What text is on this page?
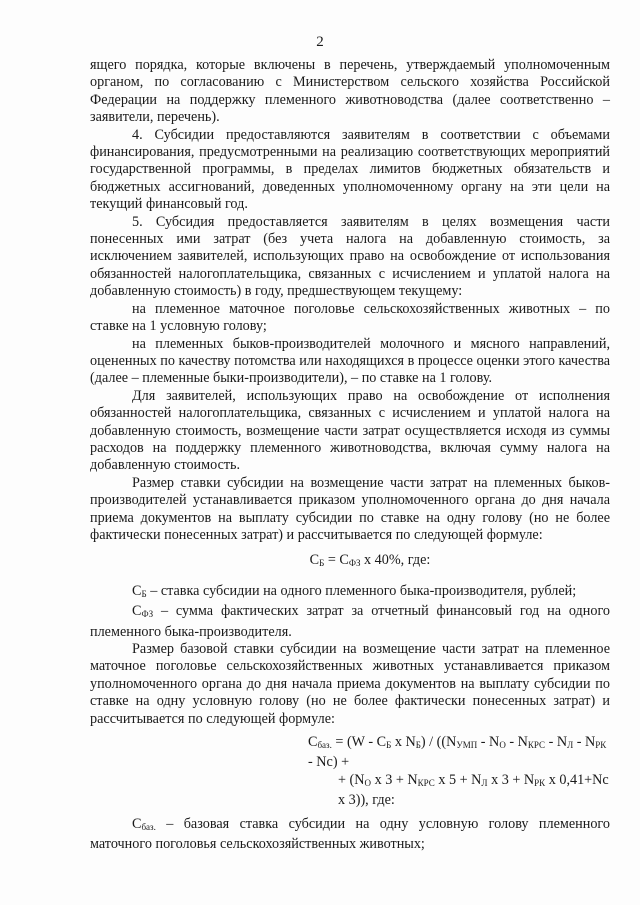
2

ящего порядка, которые включены в перечень, утверждаемый уполномоченным органом, по согласованию с Министерством сельского хозяйства Российской Федерации на поддержку племенного животноводства (далее соответственно – заявители, перечень).

4. Субсидии предоставляются заявителям в соответствии с объемами финансирования, предусмотренными на реализацию соответствующих мероприятий государственной программы, в пределах лимитов бюджетных обязательств и бюджетных ассигнований, доведенных уполномоченному органу на эти цели на текущий финансовый год.

5. Субсидия предоставляется заявителям в целях возмещения части понесенных ими затрат (без учета налога на добавленную стоимость, за исключением заявителей, использующих право на освобождение от использования обязанностей налогоплательщика, связанных с исчислением и уплатой налога на добавленную стоимость) в году, предшествующем текущему:

на племенное маточное поголовье сельскохозяйственных животных – по ставке на 1 условную голову;

на племенных быков-производителей молочного и мясного направлений, оцененных по качеству потомства или находящихся в процессе оценки этого качества (далее – племенные быки-производители), – по ставке на 1 голову.

Для заявителей, использующих право на освобождение от исполнения обязанностей налогоплательщика, связанных с исчислением и уплатой налога на добавленную стоимость, возмещение части затрат осуществляется исходя из суммы расходов на поддержку племенного животноводства, включая сумму налога на добавленную стоимость.

Размер ставки субсидии на возмещение части затрат на племенных быков-производителей устанавливается приказом уполномоченного органа до дня начала приема документов на выплату субсидии по ставке на одну голову (но не более фактически понесенных затрат) и рассчитывается по следующей формуле:

$С_Б = С_{ФЗ}$ x 40%, где:

$С_Б$ – ставка субсидии на одного племенного быка-производителя, рублей;

$С_{ФЗ}$ – сумма фактических затрат за отчетный финансовый год на одного племенного быка-производителя.

Размер базовой ставки субсидии на возмещение части затрат на племенное маточное поголовье сельскохозяйственных животных устанавливается приказом уполномоченного органа до дня начала приема документов на выплату субсидии по ставке на одну условную голову (но не более фактически понесенных затрат) и рассчитывается по следующей формуле:

$С_{баз.} = (W - С_Б$ x $N_Б) / ((N_{УМП} - N_О - N_{КРС} - N_Л - N_{РК} - Nс)$ +
+ ($N_О$ x $3 + N_{КРС}$ x $5 + N_Л$ x $3 + N_{РК}$ x 0,41+Nс x 3)), где:

$С_{баз.}$ – базовая ставка субсидии на одну условную голову племенного маточного поголовья сельскохозяйственных животных;
